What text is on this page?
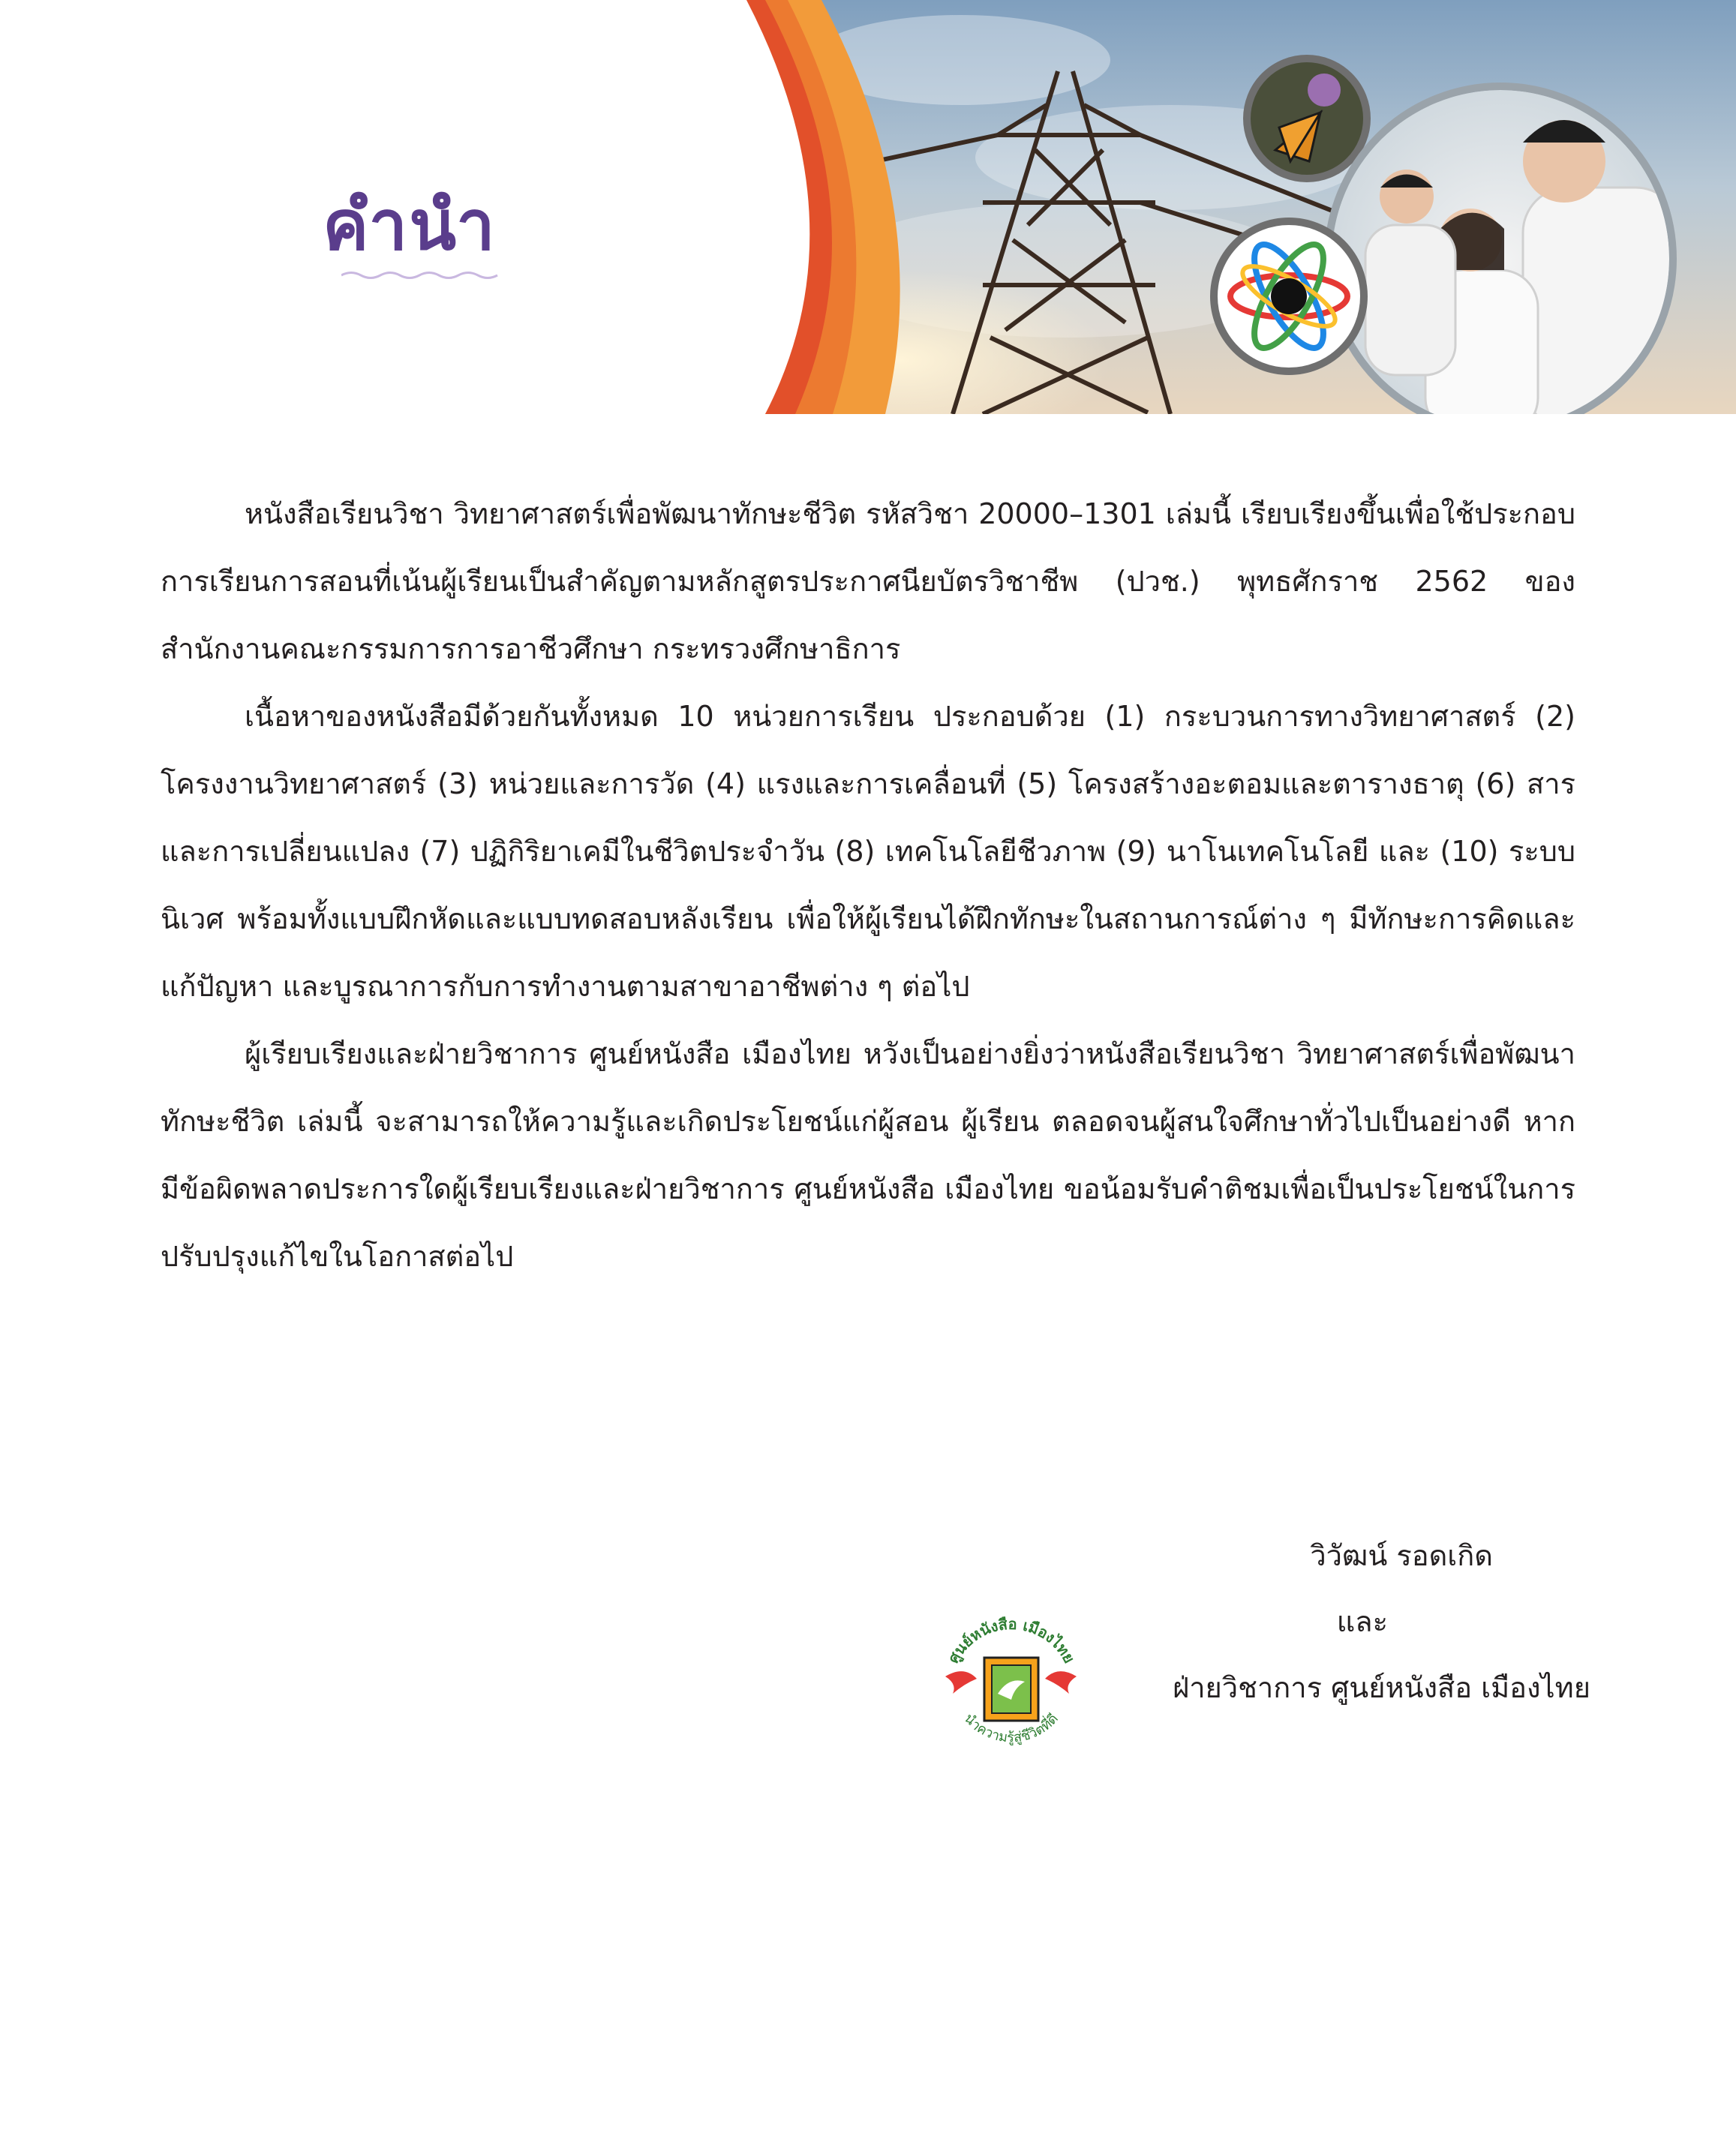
คำนำ

หนังสือเรียนวิชา วิทยาศาสตร์เพื่อพัฒนาทักษะชีวิต รหัสวิชา 20000–1301 เล่มนี้ เรียบเรียงขึ้นเพื่อใช้ประกอบการเรียนการสอนที่เน้นผู้เรียนเป็นสำคัญตามหลักสูตรประกาศนียบัตรวิชาชีพ (ปวช.) พุทธศักราช 2562 ของสำนักงานคณะกรรมการการอาชีวศึกษา กระทรวงศึกษาธิการ

เนื้อหาของหนังสือมีด้วยกันทั้งหมด 10 หน่วยการเรียน ประกอบด้วย (1) กระบวนการทางวิทยาศาสตร์ (2) โครงงานวิทยาศาสตร์ (3) หน่วยและการวัด (4) แรงและการเคลื่อนที่ (5) โครงสร้างอะตอมและตารางธาตุ (6) สารและการเปลี่ยนแปลง (7) ปฏิกิริยาเคมีในชีวิตประจำวัน (8) เทคโนโลยีชีวภาพ (9) นาโนเทคโนโลยี และ (10) ระบบนิเวศ พร้อมทั้งแบบฝึกหัดและแบบทดสอบหลังเรียน เพื่อให้ผู้เรียนได้ฝึกทักษะในสถานการณ์ต่าง ๆ มีทักษะการคิดและแก้ปัญหา และบูรณาการกับการทำงานตามสาขาอาชีพต่าง ๆ ต่อไป

ผู้เรียบเรียงและฝ่ายวิชาการ ศูนย์หนังสือ เมืองไทย หวังเป็นอย่างยิ่งว่าหนังสือเรียนวิชา วิทยาศาสตร์เพื่อพัฒนาทักษะชีวิต เล่มนี้ จะสามารถให้ความรู้และเกิดประโยชน์แก่ผู้สอน ผู้เรียน ตลอดจนผู้สนใจศึกษาทั่วไปเป็นอย่างดี หากมีข้อผิดพลาดประการใดผู้เรียบเรียงและฝ่ายวิชาการ ศูนย์หนังสือ เมืองไทย ขอน้อมรับคำติชมเพื่อเป็นประโยชน์ในการปรับปรุงแก้ไขในโอกาสต่อไป

วิวัฒน์ รอดเกิด
และ
ฝ่ายวิชาการ ศูนย์หนังสือ เมืองไทย
ศูนย์หนังสือ เมืองไทย
นำความรู้สู่ชีวิตที่ดี
